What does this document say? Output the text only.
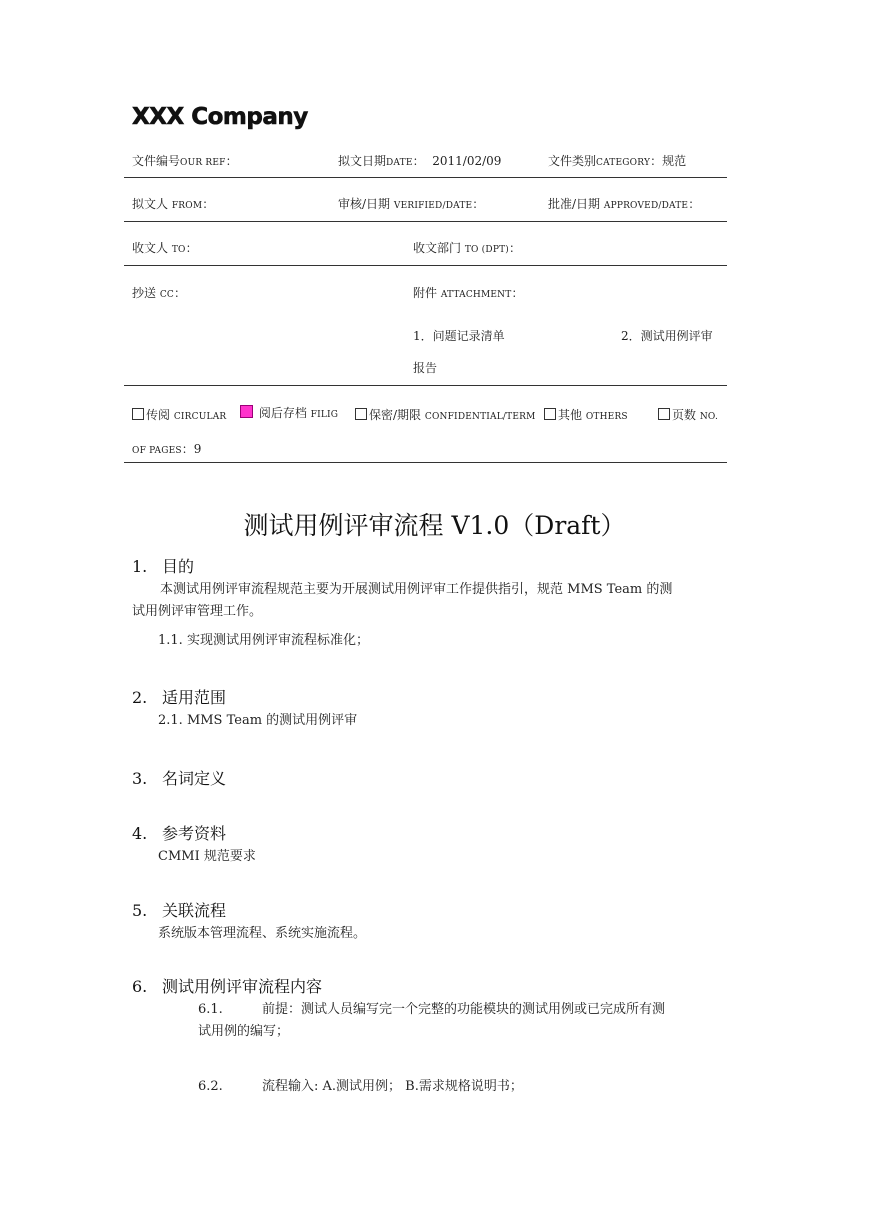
XXX Company
文件编号OUR REF：	拟文日期DATE：  2011/02/09	文件类别CATEGORY：规范
拟文人 FROM：	审核/日期 VERIFIED/DATE：	批准/日期 APPROVED/DATE：
收文人 TO：	收文部门 TO (DPT)：
抄送 CC：	附件 ATTACHMENT：
1．问题记录清单	2．测试用例评审
报告
传阅 CIRCULAR	阅后存档 FILIG	保密/期限 CONFIDENTIAL/TERM	其他 OTHERS	页数 NO.
OF PAGES：9
测试用例评审流程 V1.0（Draft）
1. 目的
本测试用例评审流程规范主要为开展测试用例评审工作提供指引，规范 MMS Team 的测
试用例评审管理工作。
1.1. 实现测试用例评审流程标准化；
2. 适用范围
2.1. MMS Team 的测试用例评审
3. 名词定义
4. 参考资料
CMMI 规范要求
5. 关联流程
系统版本管理流程、系统实施流程。
6. 测试用例评审流程内容
6.1.	前提：测试人员编写完一个完整的功能模块的测试用例或已完成所有测
试用例的编写；
6.2.	流程输入: A.测试用例； B.需求规格说明书；
